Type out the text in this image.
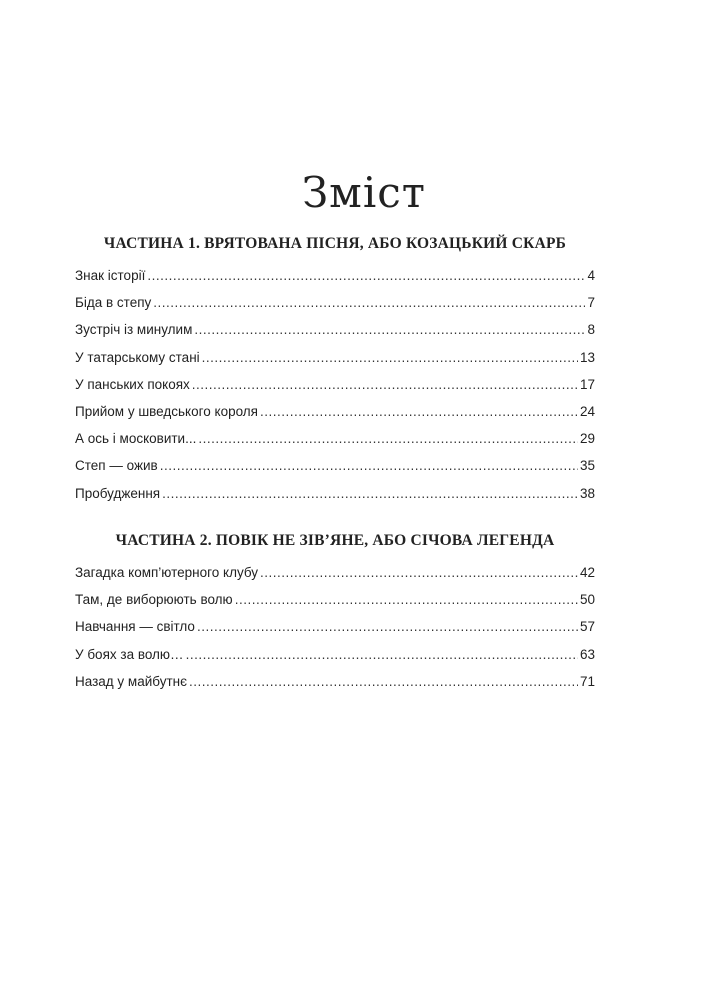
Зміст
ЧАСТИНА 1. ВРЯТОВАНА ПІСНЯ, АБО КОЗАЦЬКИЙ СКАРБ
Знак історії .....	4
Біда в степу .....	7
Зустріч із минулим .....	8
У татарському стані .....	13
У панських покоях .....	17
Прийом у шведського короля .....	24
А ось і московити... .....	29
Степ — ожив .....	35
Пробудження .....	38
ЧАСТИНА 2. ПОВІК НЕ ЗІВ’ЯНЕ, АБО СІЧОВА ЛЕГЕНДА
Загадка комп’ютерного клубу .....	42
Там, де виборюють волю .....	50
Навчання — світло .....	57
У боях за волю… .....	63
Назад у майбутнє .....	71
